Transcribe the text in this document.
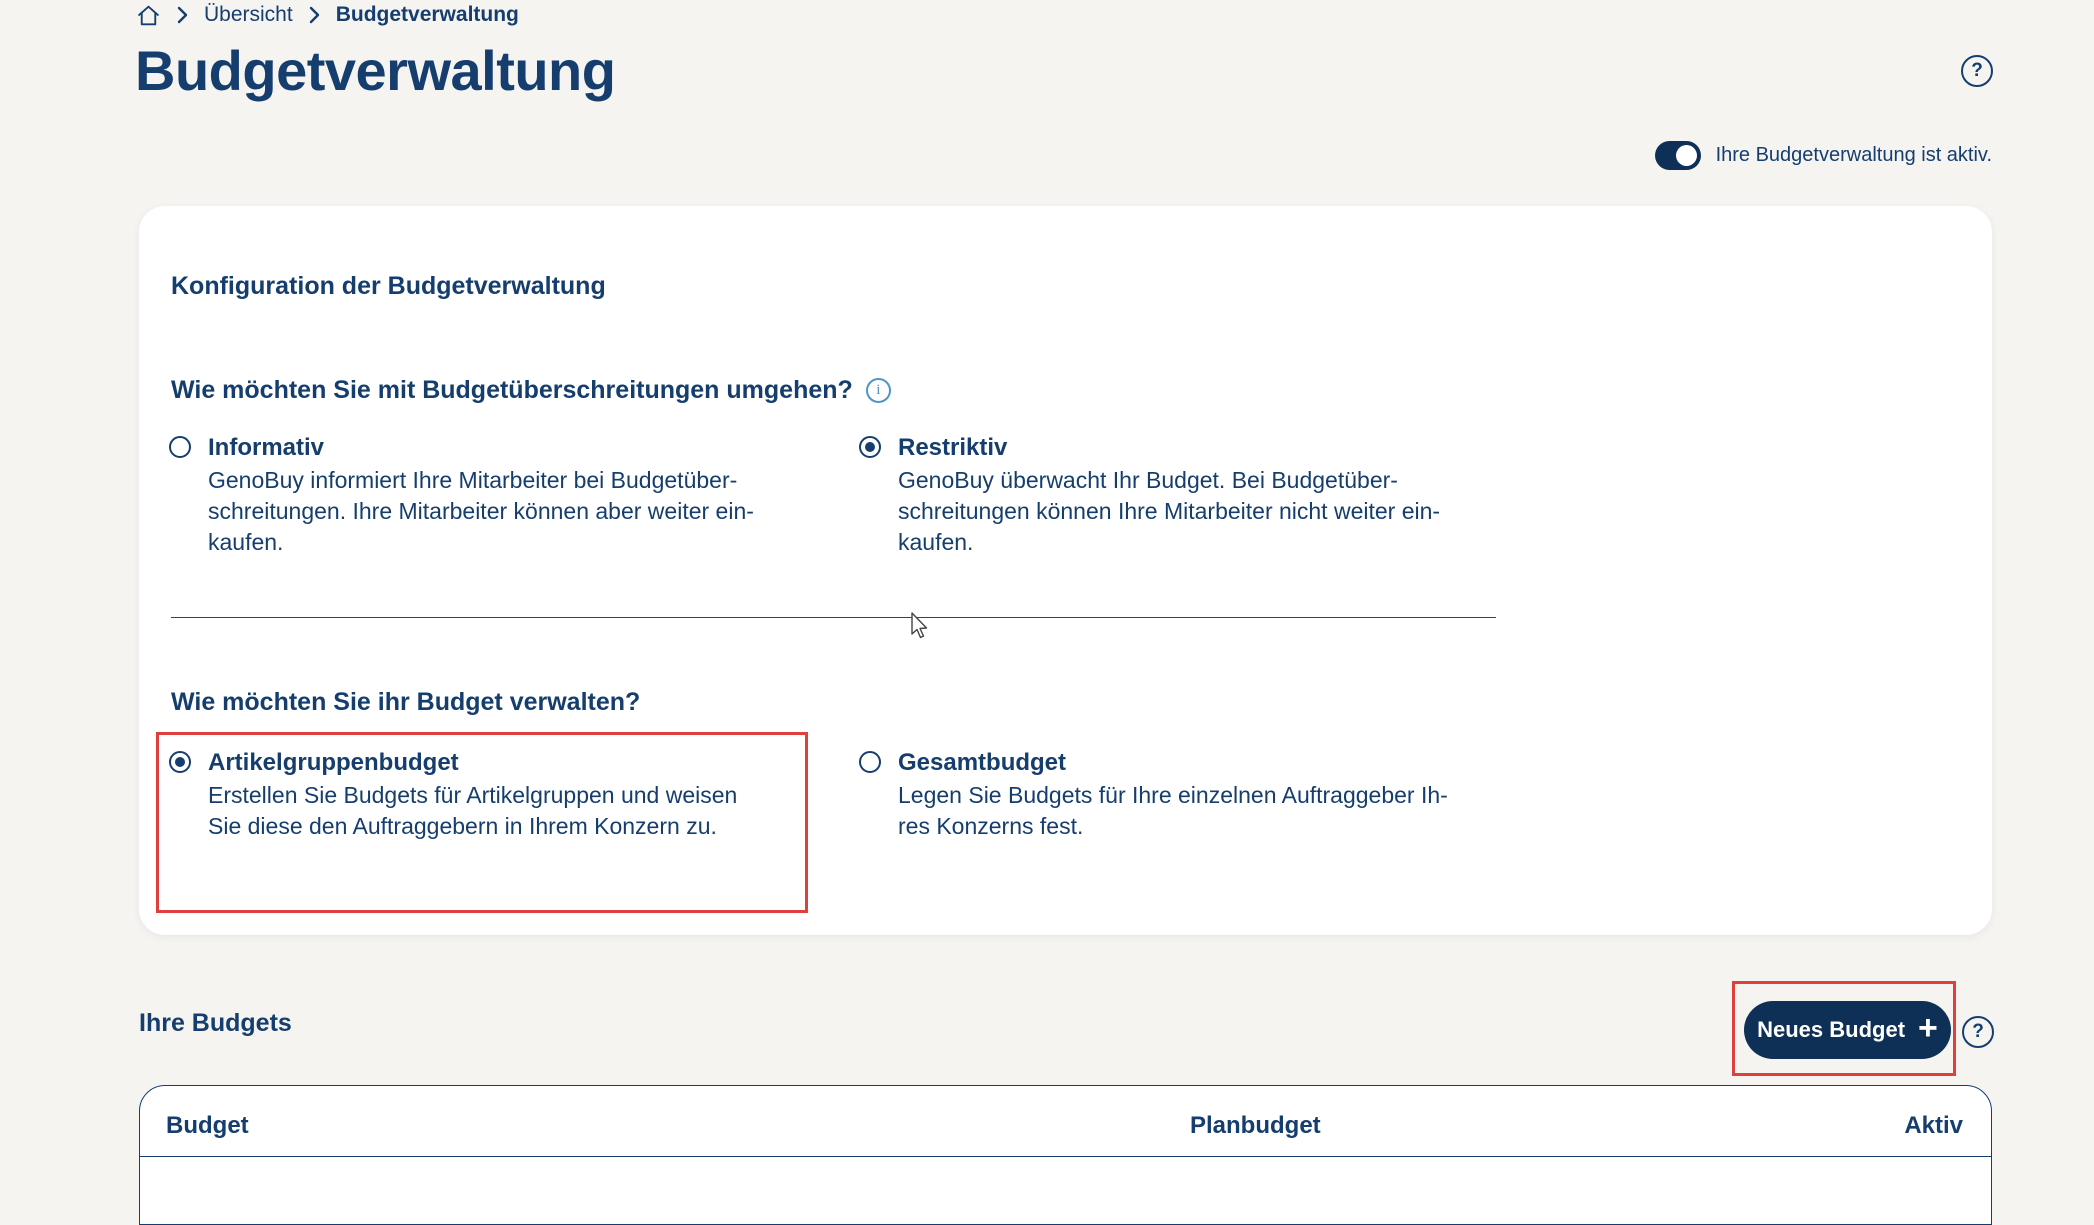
Übersicht Budgetverwaltung
Budgetverwaltung	?
Ihre Budgetverwaltung ist aktiv.
Konfiguration der Budgetverwaltung
Wie möchten Sie mit Budgetüberschreitungen umgehen?	i
Informativ
GenoBuy informiert Ihre Mitarbeiter bei Budgetüber-
schreitungen. Ihre Mitarbeiter können aber weiter ein-
kaufen.
Restriktiv
GenoBuy überwacht Ihr Budget. Bei Budgetüber-
schreitungen können Ihre Mitarbeiter nicht weiter ein-
kaufen.
Wie möchten Sie ihr Budget verwalten?
Artikelgruppenbudget
Erstellen Sie Budgets für Artikelgruppen und weisen
Sie diese den Auftraggebern in Ihrem Konzern zu.
Gesamtbudget
Legen Sie Budgets für Ihre einzelnen Auftraggeber Ih-
res Konzerns fest.
Ihre Budgets	Neues Budget +	?
Budget	Planbudget	Aktiv
